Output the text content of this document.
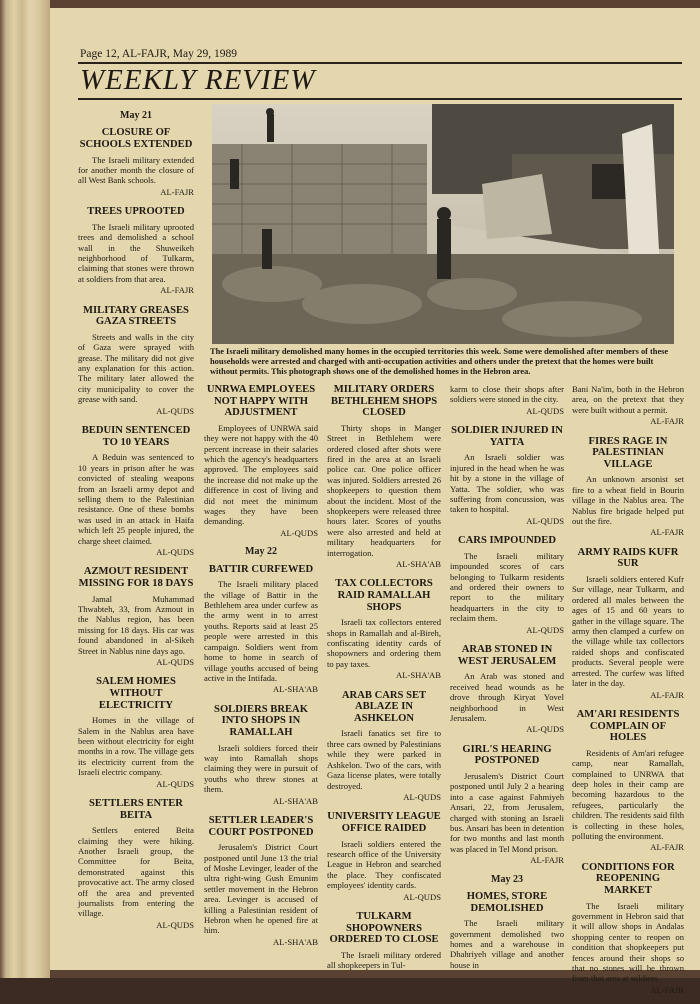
Page 12, AL-FAJR, May 29, 1989
WEEKLY REVIEW
The Israeli military demolished many homes in the occupied territories this week. Some were demolished after members of these households were arrested and charged with anti-occupation activities and others under the pretext that the homes were built without permits. This photograph shows one of the demolished homes in the Hebron area.
May 21
CLOSURE OF SCHOOLS EXTENDED

The Israeli military extended for another month the closure of all West Bank schools.

AL-FAJR
TREES UPROOTED

The Israeli military uprooted trees and demolished a school wall in the Shuweikeh neighborhood of Tulkarm, claiming that stones were thrown at soldiers from that area.

AL-FAJR
MILITARY GREASES GAZA STREETS

Streets and walls in the city of Gaza were sprayed with grease. The military did not give any explanation for this action. The military later allowed the city municipality to cover the grease with sand.

AL-QUDS
BEDUIN SENTENCED TO 10 YEARS

A Beduin was sentenced to 10 years in prison after he was convicted of stealing weapons from an Israeli army depot and selling them to the Palestinian resistance. One of these bombs was used in an attack in Haifa which left 25 people injured, the charge sheet claimed.

AL-QUDS
AZMOUT RESIDENT MISSING FOR 18 DAYS

Jamal Muhammad Thwabteh, 33, from Azmout in the Nablus region, has been missing for 18 days. His car was found abandoned in al-Sikeh Street in Nablus nine days ago.

AL-QUDS
SALEM HOMES WITHOUT ELECTRICITY

Homes in the village of Salem in the Nablus area have been without electricity for eight months in a row. The village gets its electricity current from the Israeli electric company.

AL-QUDS
SETTLERS ENTER BEITA

Settlers entered Beita claiming they were hiking. Another Israeli group, the Committee for Beita, demonstrated against this provocative act. The army closed off the area and prevented journalists from entering the village.

AL-QUDS
UNRWA EMPLOYEES NOT HAPPY WITH ADJUSTMENT

Employees of UNRWA said they were not happy with the 40 percent increase in their salaries which the agency's headquarters approved. The employees said the increase did not make up the difference in cost of living and did not meet the minimum wages they have been demanding.

AL-QUDS
May 22
BATTIR CURFEWED

The Israeli military placed the village of Battir in the Bethlehem area under curfew as the army went in to arrest youths. Reports said at least 25 people were arrested in this campaign. Soldiers went from home to home in search of village youths accused of being active in the Intifada.

AL-SHA'AB
SOLDIERS BREAK INTO SHOPS IN RAMALLAH

Israeli soldiers forced their way into Ramallah shops claiming they were in pursuit of youths who threw stones at them.

AL-SHA'AB
SETTLER LEADER'S COURT POSTPONED

Jerusalem's District Court postponed until June 13 the trial of Moshe Levinger, leader of the ultra right-wing Gush Emunim settler movement in the Hebron area. Levinger is accused of killing a Palestinian resident of Hebron when he opened fire at him.

AL-SHA'AB
MILITARY ORDERS BETHLEHEM SHOPS CLOSED

Thirty shops in Manger Street in Bethlehem were ordered closed after shots were fired in the area at an Israeli police car. One police officer was injured. Soldiers arrested 26 shopkeepers to question them about the incident. Most of the shopkeepers were released three hours later. Scores of youths were also arrested and held at military headquarters for interrogation.

AL-SHA'AB
TAX COLLECTORS RAID RAMALLAH SHOPS

Israeli tax collectors entered shops in Ramallah and al-Bireh, confiscating identity cards of shopowners and ordering them to pay taxes.

AL-SHA'AB
ARAB CARS SET ABLAZE IN ASHKELON

Israeli fanatics set fire to three cars owned by Palestinians while they were parked in Ashkelon. Two of the cars, with Gaza license plates, were totally destroyed.

AL-QUDS
UNIVERSITY LEAGUE OFFICE RAIDED

Israeli soldiers entered the research office of the University League in Hebron and searched the place. They confiscated employees' identity cards.

AL-QUDS
TULKARM SHOPOWNERS ORDERED TO CLOSE

The Israeli military ordered all shopkeepers in Tul-

karm to close their shops after soldiers were stoned in the city.

AL-QUDS
SOLDIER INJURED IN YATTA

An Israeli soldier was injured in the head when he was hit by a stone in the village of Yatta. The soldier, who was suffering from concussion, was taken to hospital.

AL-QUDS
CARS IMPOUNDED

The Israeli military impounded scores of cars belonging to Tulkarm residents and ordered their owners to report to the military headquarters in the city to reclaim them.

AL-QUDS
ARAB STONED IN WEST JERUSALEM

An Arab was stoned and received head wounds as he drove through Kiryat Yovel neighborhood in West Jerusalem.

AL-QUDS
GIRL'S HEARING POSTPONED

Jerusalem's District Court postponed until July 2 a hearing into a case against Fahmiyeh Ansari, 22, from Jerusalem, charged with stoning an Israeli bus. Ansari has been in detention for two months and last month was placed in Tel Mond prison.

AL-FAJR
May 23
HOMES, STORE DEMOLISHED

The Israeli military government demolished two homes and a warehouse in Dhahriyeh village and another house in

Bani Na'im, both in the Hebron area, on the pretext that they were built without a permit.

AL-FAJR
FIRES RAGE IN PALESTINIAN VILLAGE

An unknown arsonist set fire to a wheat field in Bourin village in the Nablus area. The Nablus fire brigade helped put out the fire.

AL-FAJR
ARMY RAIDS KUFR SUR

Israeli soldiers entered Kufr Sur village, near Tulkarm, and ordered all males between the ages of 15 and 60 years to gather in the village square. The army then clamped a curfew on the village while tax collectors raided shops and confiscated products. Several people were arrested. The curfew was lifted later in the day.

AL-FAJR
AM'ARI RESIDENTS COMPLAIN OF HOLES

Residents of Am'ari refugee camp, near Ramallah, complained to UNRWA that deep holes in their camp are becoming hazardous to the refugees, particularly the children. The residents said filth is collecting in these holes, polluting the environment.

AL-FAJR
CONDITIONS FOR REOPENING MARKET

The Israeli military government in Hebron said that it will allow shops in Andalas shopping center to reopen on condition that shopkeepers put fences around their shops so that no stones will be thrown from that area at soldiers.

AL-FAJR
